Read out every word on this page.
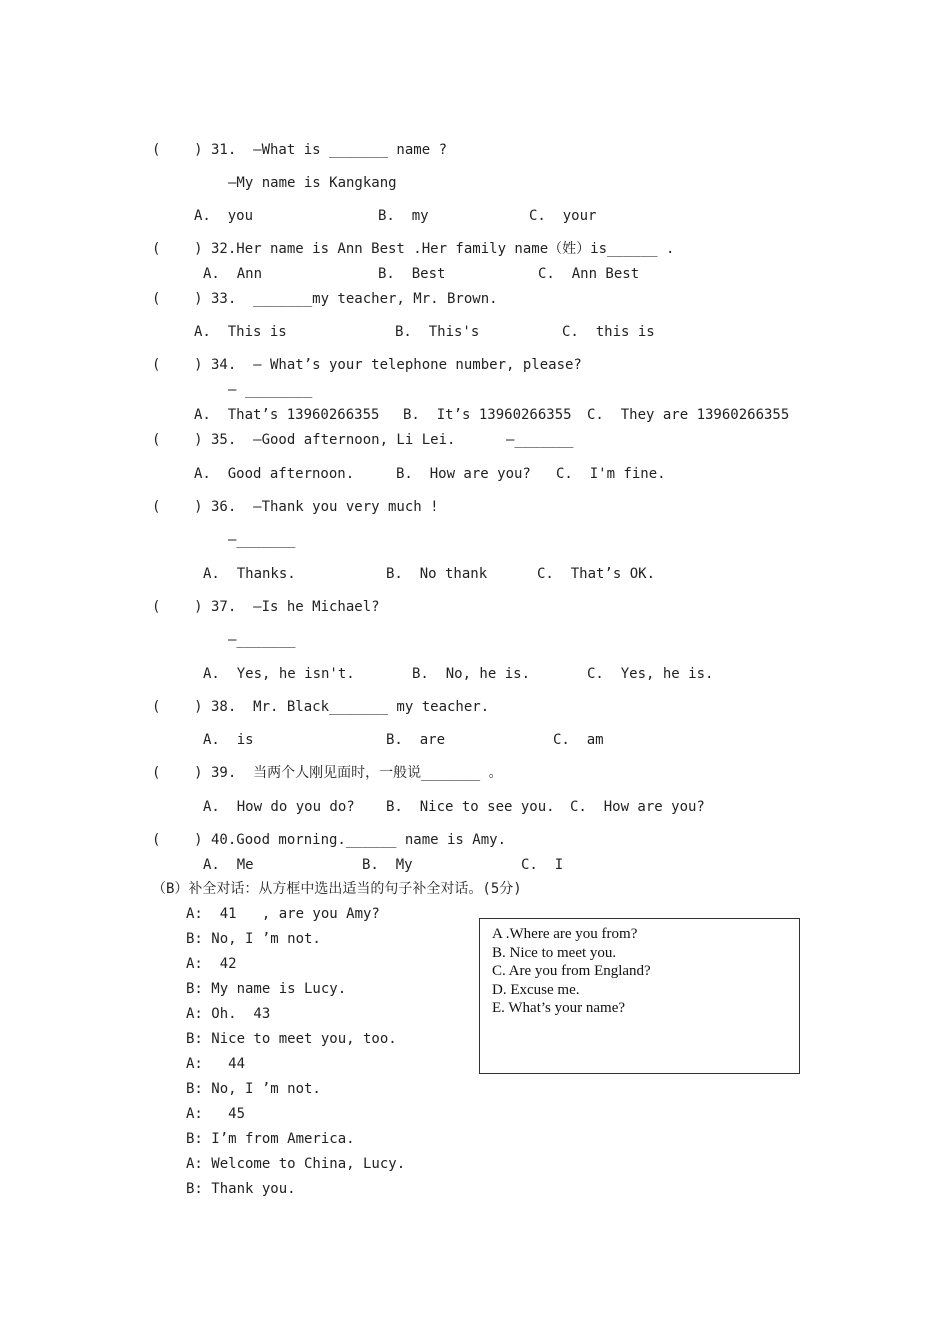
(    ) 31.  —What is _______ name ?
—My name is Kangkang
A.  you	B.  my	C.  your
(    ) 32.Her name is Ann Best .Her family name（姓）is______ .
A.  Ann	B.  Best	C.  Ann Best
(    ) 33.  _______my teacher, Mr. Brown.
A.  This is	B.  This's	C.  this is
(    ) 34.  — What’s your telephone number, please?
— ________
A.  That’s 13960266355 B.  It’s 13960266355 C.  They are 13960266355
(    ) 35.  —Good afternoon, Li Lei.      —_______
A.  Good afternoon.	B.  How are you? C.  I'm fine.
(    ) 36.  —Thank you very much !
—_______
A.  Thanks.	B.  No thank	C.  That’s OK.
(    ) 37.  —Is he Michael?
—_______
A.  Yes, he isn't.	B.  No, he is.	C.  Yes, he is.
(    ) 38.  Mr. Black_______ my teacher.
A.  is	B.  are	C.  am
(    ) 39.  当两个人刚见面时，一般说_______ 。
A.  How do you do? B.  Nice to see you. C.  How are you?
(    ) 40.Good morning.______ name is Amy.
A.  Me	B.  My	C.  I
（B）补全对话：从方框中选出适当的句子补全对话。(5分)
A:  41   , are you Amy?
B: No, I ’m not.
A:  42
B: My name is Lucy.
A: Oh.  43
B: Nice to meet you, too.
A:   44
B: No, I ’m not.
A:   45
B: I’m from America.
A: Welcome to China, Lucy.
B: Thank you.
A .Where are you from?
B. Nice to meet you.
C. Are you from England?
D. Excuse me.
E. What’s your name?
